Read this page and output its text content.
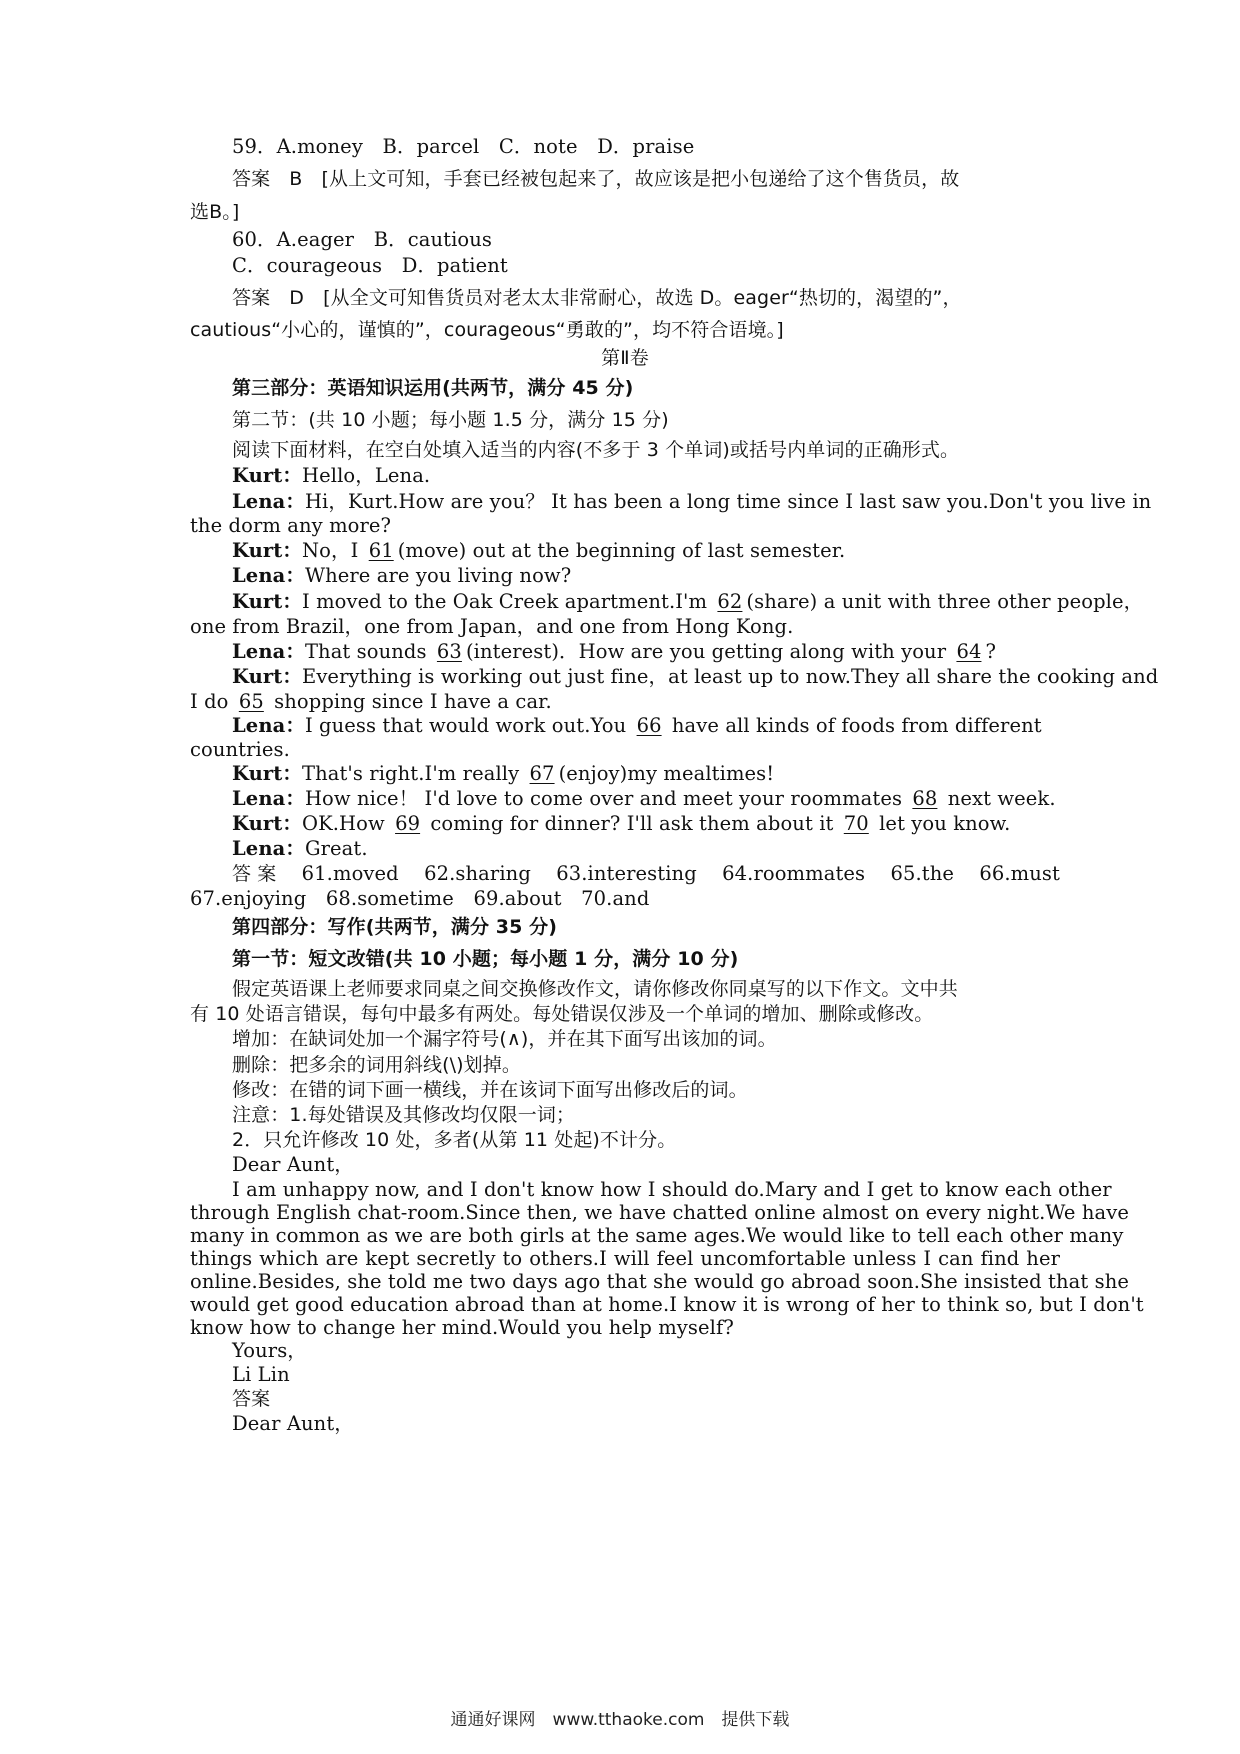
59．A.money　B．parcel　C．note　D．praise
答案　B　[从上文可知，手套已经被包起来了，故应该是把小包递给了这个售货员，故
选B。]
60．A.eager　B．cautious
C．courageous　D．patient
答案　D　[从全文可知售货员对老太太非常耐心，故选 D。eager“热切的，渴望的”，
cautious“小心的，谨慎的”，courageous“勇敢的”，均不符合语境。]
第Ⅱ卷
第三部分：英语知识运用(共两节，满分 45 分)
第二节：(共 10 小题；每小题 1.5 分，满分 15 分)
阅读下面材料，在空白处填入适当的内容(不多于 3 个单词)或括号内单词的正确形式。
Kurt：Hello，Lena.
Lena：Hi，Kurt.How are you？ It has been a long time since I last saw you.Don't you live in
the dorm any more?
Kurt：No，I 61 (move) out at the beginning of last semester.
Lena：Where are you living now?
Kurt：I moved to the Oak Creek apartment.I'm 62 (share) a unit with three other people，
one from Brazil，one from Japan，and one from Hong Kong.
Lena：That sounds 63 (interest)．How are you getting along with your 64 ?
Kurt：Everything is working out just fine，at least up to now.They all share the cooking and
I do 65 shopping since I have a car.
Lena：I guess that would work out.You 66 have all kinds of foods from different
countries.
Kurt：That's right.I'm really 67 (enjoy)my mealtimes!
Lena：How nice！ I'd love to come over and meet your roommates 68 next week.
Kurt：OK.How 69 coming for dinner? I'll ask them about it 70 let you know.
Lena：Great.
答 案 61.moved 62.sharing 63.interesting 64.roommates 65.the 66.must
67.enjoying　68.sometime　69.about　70.and
第四部分：写作(共两节，满分 35 分)
第一节：短文改错(共 10 小题；每小题 1 分，满分 10 分)
假定英语课上老师要求同桌之间交换修改作文，请你修改你同桌写的以下作文。文中共
有 10 处语言错误，每句中最多有两处。每处错误仅涉及一个单词的增加、删除或修改。
增加：在缺词处加一个漏字符号(∧)，并在其下面写出该加的词。
删除：把多余的词用斜线(\)划掉。
修改：在错的词下画一横线，并在该词下面写出修改后的词。
注意：1.每处错误及其修改均仅限一词；
2．只允许修改 10 处，多者(从第 11 处起)不计分。
Dear Aunt，
I am unhappy now, and I don't know how I should do.Mary and I get to know each other
through English chat-room.Since then, we have chatted online almost on every night.We have
many in common as we are both girls at the same ages.We would like to tell each other many
things which are kept secretly to others.I will feel uncomfortable unless I can find her
online.Besides, she told me two days ago that she would go abroad soon.She insisted that she
would get good education abroad than at home.I know it is wrong of her to think so, but I don't
know how to change her mind.Would you help myself?
Yours，
Li Lin
答案
Dear Aunt，
通通好课网　www.tthaoke.com　提供下载
